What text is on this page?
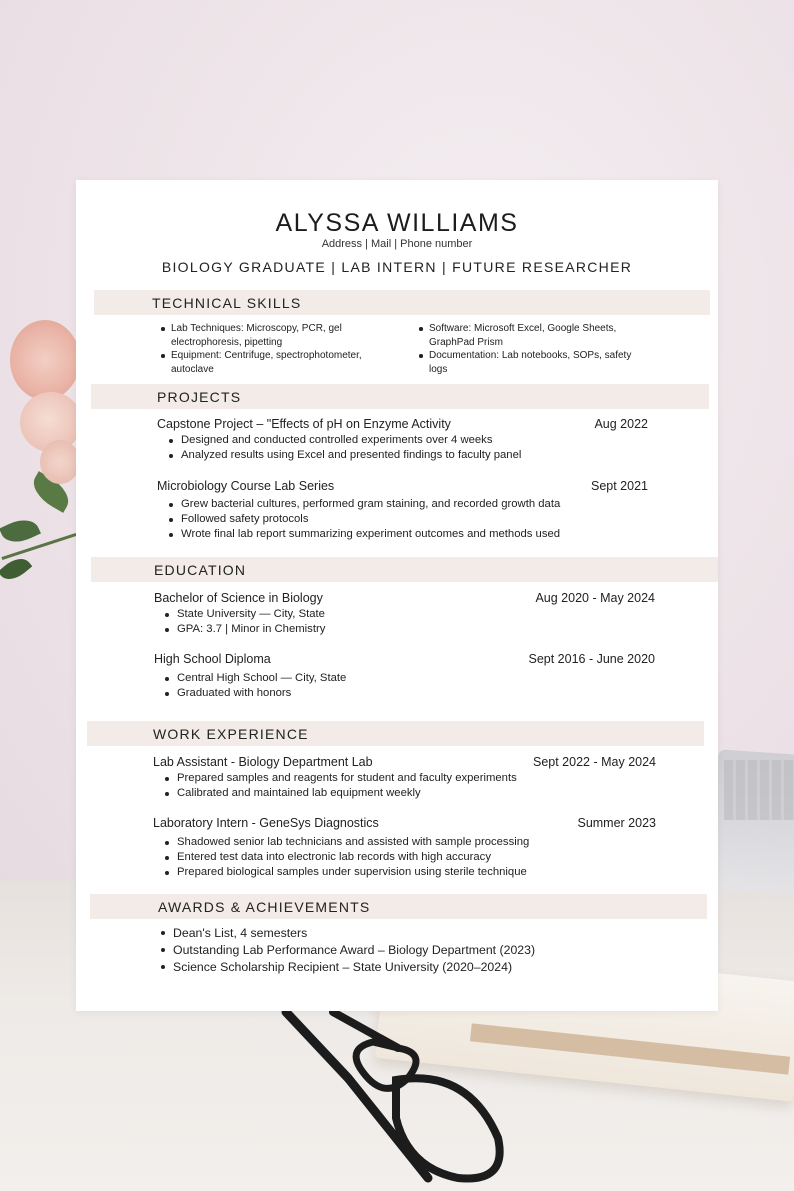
ALYSSA WILLIAMS
Address | Mail | Phone number
BIOLOGY GRADUATE | LAB INTERN | FUTURE RESEARCHER
TECHNICAL SKILLS
Lab Techniques: Microscopy, PCR, gel electrophoresis, pipetting
Equipment: Centrifuge, spectrophotometer, autoclave
Software: Microsoft Excel, Google Sheets, GraphPad Prism
Documentation: Lab notebooks, SOPs, safety logs
PROJECTS
Capstone Project – "Effects of pH on Enzyme Activity	Aug 2022
Designed and conducted controlled experiments over 4 weeks
Analyzed results using Excel and presented findings to faculty panel
Microbiology Course Lab Series	Sept 2021
Grew bacterial cultures, performed gram staining, and recorded growth data
Followed safety protocols
Wrote final lab report summarizing experiment outcomes and methods used
EDUCATION
Bachelor of Science in Biology	Aug 2020 - May 2024
State University — City, State
GPA: 3.7 | Minor in Chemistry
High School Diploma	Sept 2016 - June 2020
Central High School — City, State
Graduated with honors
WORK EXPERIENCE
Lab Assistant - Biology Department Lab	Sept 2022 - May 2024
Prepared samples and reagents for student and faculty experiments
Calibrated and maintained lab equipment weekly
Laboratory Intern - GeneSys Diagnostics	Summer 2023
Shadowed senior lab technicians and assisted with sample processing
Entered test data into electronic lab records with high accuracy
Prepared biological samples under supervision using sterile technique
AWARDS & ACHIEVEMENTS
Dean's List, 4 semesters
Outstanding Lab Performance Award – Biology Department (2023)
Science Scholarship Recipient – State University (2020–2024)
